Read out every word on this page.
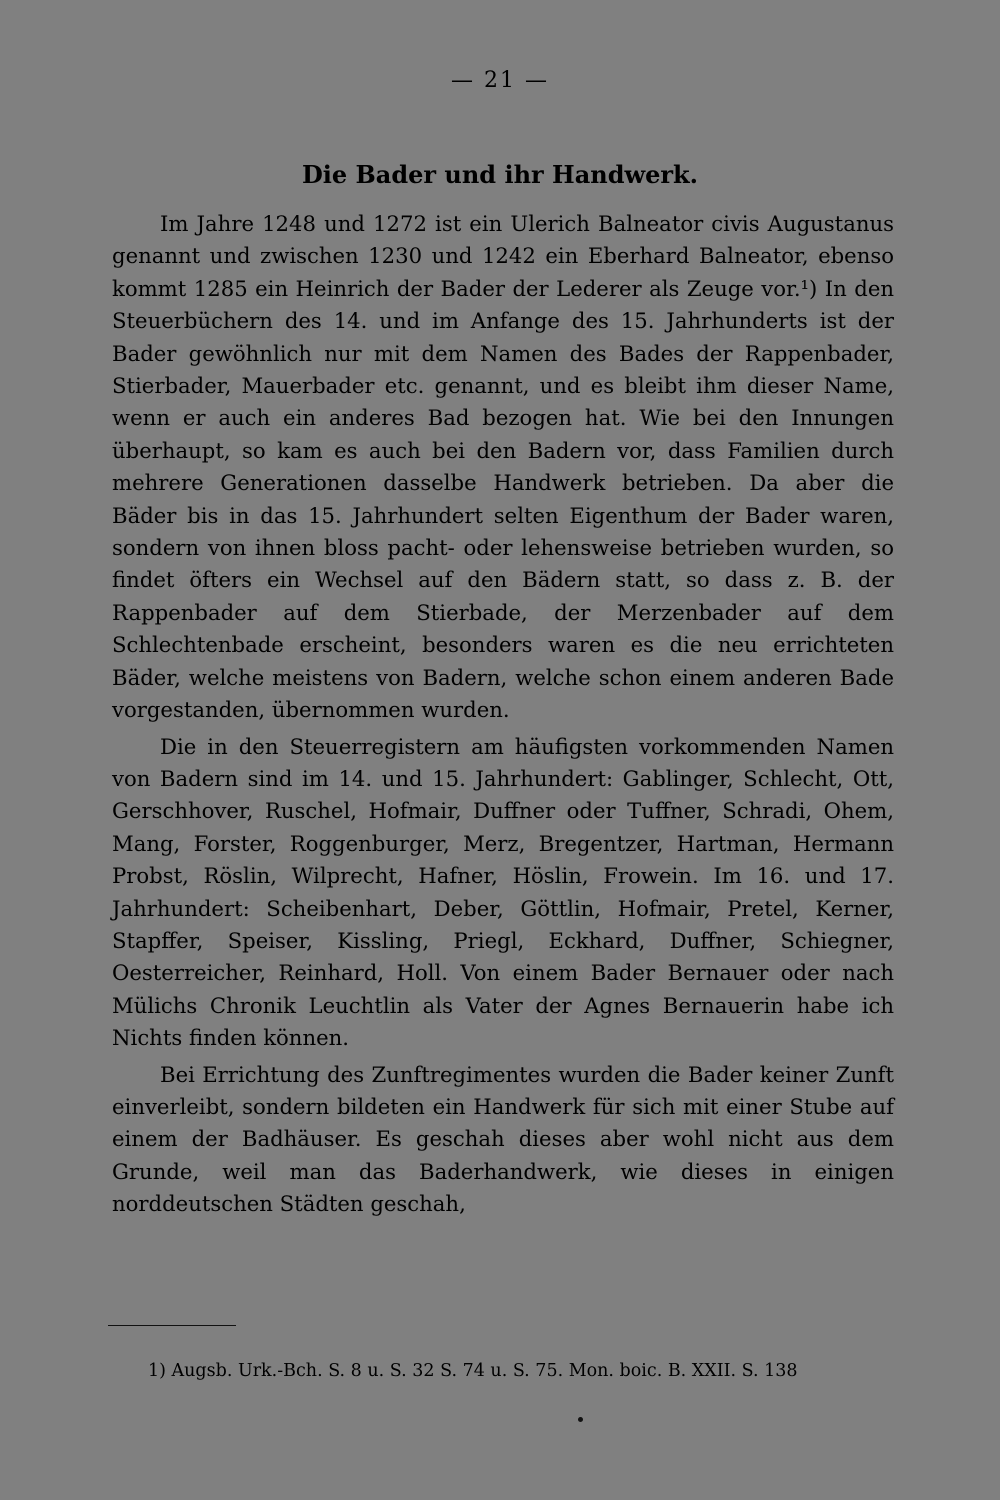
— 21 —
Die Bader und ihr Handwerk.

Im Jahre 1248 und 1272 ist ein Ulerich Balneator civis Augustanus genannt und zwischen 1230 und 1242 ein Eberhard Balneator, ebenso kommt 1285 ein Heinrich der Bader der Lederer als Zeuge vor.¹) In den Steuerbüchern des 14. und im Anfange des 15. Jahrhunderts ist der Bader gewöhnlich nur mit dem Namen des Bades der Rappenbader, Stierbader, Mauerbader etc. genannt, und es bleibt ihm dieser Name, wenn er auch ein anderes Bad bezogen hat. Wie bei den Innungen überhaupt, so kam es auch bei den Badern vor, dass Familien durch mehrere Generationen dasselbe Handwerk betrieben. Da aber die Bäder bis in das 15. Jahrhundert selten Eigenthum der Bader waren, sondern von ihnen bloss pacht- oder lehensweise betrieben wurden, so findet öfters ein Wechsel auf den Bädern statt, so dass z. B. der Rappenbader auf dem Stierbade, der Merzenbader auf dem Schlechtenbade erscheint, besonders waren es die neu errichteten Bäder, welche meistens von Badern, welche schon einem anderen Bade vorgestanden, übernommen wurden.

Die in den Steuerregistern am häufigsten vorkommenden Namen von Badern sind im 14. und 15. Jahrhundert: Gablinger, Schlecht, Ott, Gerschhover, Ruschel, Hofmair, Duffner oder Tuffner, Schradi, Ohem, Mang, Forster, Roggenburger, Merz, Bregentzer, Hartman, Hermann Probst, Röslin, Wilprecht, Hafner, Höslin, Frowein. Im 16. und 17. Jahrhundert: Scheibenhart, Deber, Göttlin, Hofmair, Pretel, Kerner, Stapffer, Speiser, Kissling, Priegl, Eckhard, Duffner, Schiegner, Oesterreicher, Reinhard, Holl. Von einem Bader Bernauer oder nach Mülichs Chronik Leuchtlin als Vater der Agnes Bernauerin habe ich Nichts finden können.

Bei Errichtung des Zunftregimentes wurden die Bader keiner Zunft einverleibt, sondern bildeten ein Handwerk für sich mit einer Stube auf einem der Badhäuser. Es geschah dieses aber wohl nicht aus dem Grunde, weil man das Baderhandwerk, wie dieses in einigen norddeutschen Städten geschah,

1) Augsb. Urk.-Bch. S. 8 u. S. 32 S. 74 u. S. 75. Mon. boic. B. XXII. S. 138
